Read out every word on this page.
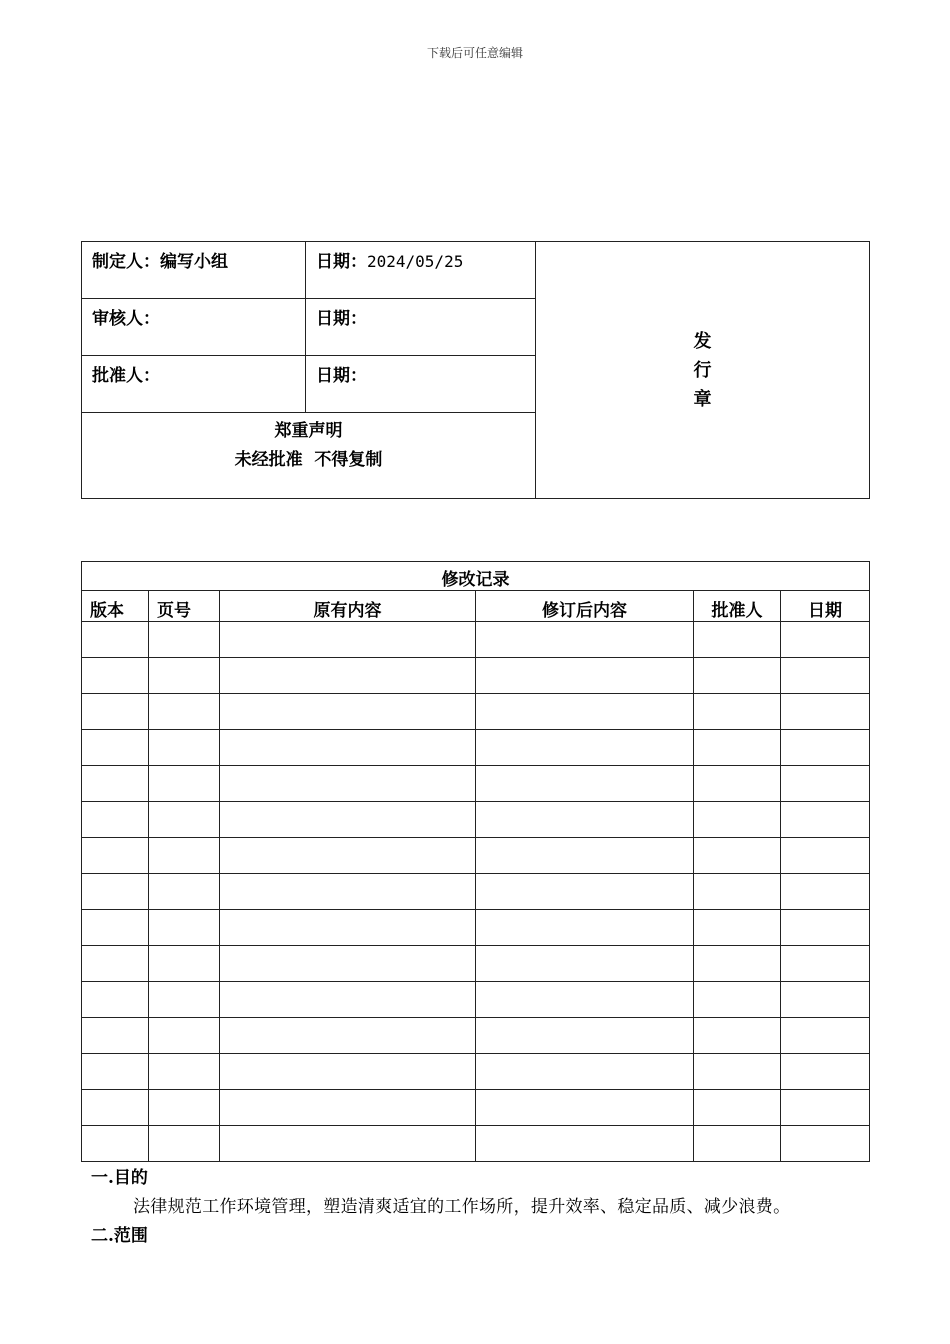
下载后可任意编辑
制定人：编写小组	日期：2024/05/25	发
行
章

审核人：	日期：	
批准人：	日期：	

郑重声明
未经批准  不得复制		
修改记录					
版本	页号	原有内容	修订后内容	批准人	日期

一.目的
法律规范工作环境管理，塑造清爽适宜的工作场所，提升效率、稳定品质、减少浪费。
二.范围
